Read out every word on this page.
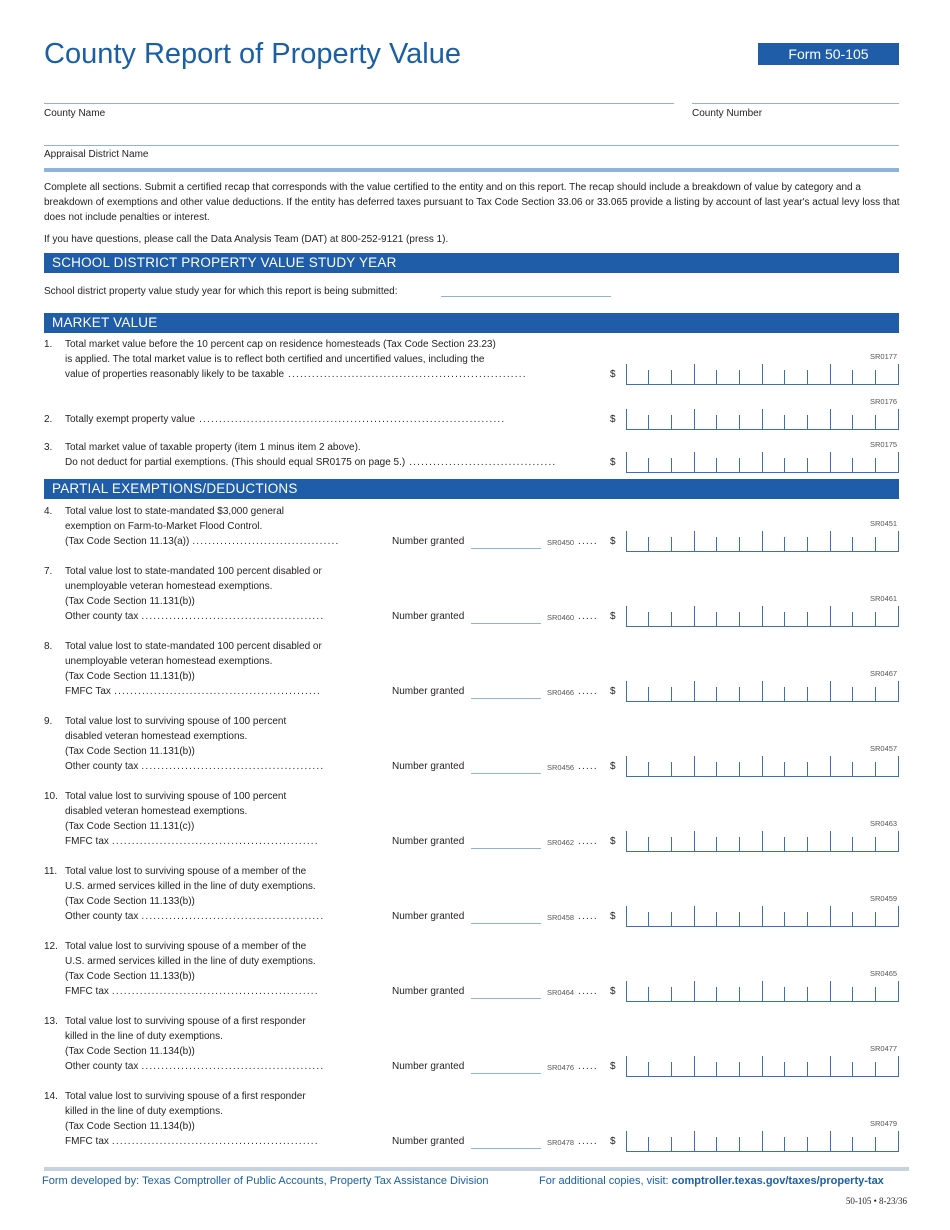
County Report of Property Value	Form 50-105
County Name	County Number
Appraisal District Name
Complete all sections. Submit a certified recap that corresponds with the value certified to the entity and on this report. The recap should include a breakdown of value by category and a breakdown of exemptions and other value deductions. If the entity has deferred taxes pursuant to Tax Code Section 33.06 or 33.065 provide a listing by account of last year's actual levy loss that does not include penalties or interest.
If you have questions, please call the Data Analysis Team (DAT) at 800-252-9121 (press 1).
SCHOOL DISTRICT PROPERTY VALUE STUDY YEAR
School district property value study year for which this report is being submitted:
MARKET VALUE
1. Total market value before the 10 percent cap on residence homesteads (Tax Code Section 23.23)
is applied. The total market value is to reflect both certified and uncertified values, including the
value of properties reasonably likely to be taxable ............................................................	$
SR0177
2. Totally exempt property value .............................................................................	$
SR0176
3. Total market value of taxable property (item 1 minus item 2 above).
Do not deduct for partial exemptions. (This should equal SR0175 on page 5.) .....................................	$
SR0175
PARTIAL EXEMPTIONS/DEDUCTIONS
4. Total value lost to state-mandated $3,000 general
exemption on Farm-to-Market Flood Control.
(Tax Code Section 11.13(a)) .....................................	Number granted	SR0450 .....	$
SR0451
7. Total value lost to state-mandated 100 percent disabled or
unemployable veteran homestead exemptions.
(Tax Code Section 11.131(b))
Other county tax ..............................................	Number granted	SR0460 .....	$
SR0461
8. Total value lost to state-mandated 100 percent disabled or
unemployable veteran homestead exemptions.
(Tax Code Section 11.131(b))
FMFC Tax ....................................................	Number granted	SR0466 .....	$
SR0467
9. Total value lost to surviving spouse of 100 percent
disabled veteran homestead exemptions.
(Tax Code Section 11.131(b))
Other county tax ..............................................	Number granted	SR0456 .....	$
SR0457
10. Total value lost to surviving spouse of 100 percent
disabled veteran homestead exemptions.
(Tax Code Section 11.131(c))
FMFC tax ....................................................	Number granted	SR0462 .....	$
SR0463
11. Total value lost to surviving spouse of a member of the
U.S. armed services killed in the line of duty exemptions.
(Tax Code Section 11.133(b))
Other county tax ..............................................	Number granted	SR0458 .....	$
SR0459
12. Total value lost to surviving spouse of a member of the
U.S. armed services killed in the line of duty exemptions.
(Tax Code Section 11.133(b))
FMFC tax ....................................................	Number granted	SR0464 .....	$
SR0465
13. Total value lost to surviving spouse of a first responder
killed in the line of duty exemptions.
(Tax Code Section 11.134(b))
Other county tax ..............................................	Number granted	SR0476 .....	$
SR0477
14. Total value lost to surviving spouse of a first responder
killed in the line of duty exemptions.
(Tax Code Section 11.134(b))
FMFC tax ....................................................	Number granted	SR0478 .....	$
SR0479
Form developed by: Texas Comptroller of Public Accounts, Property Tax Assistance Division	For additional copies, visit: comptroller.texas.gov/taxes/property-tax
50-105 • 8-23/36
